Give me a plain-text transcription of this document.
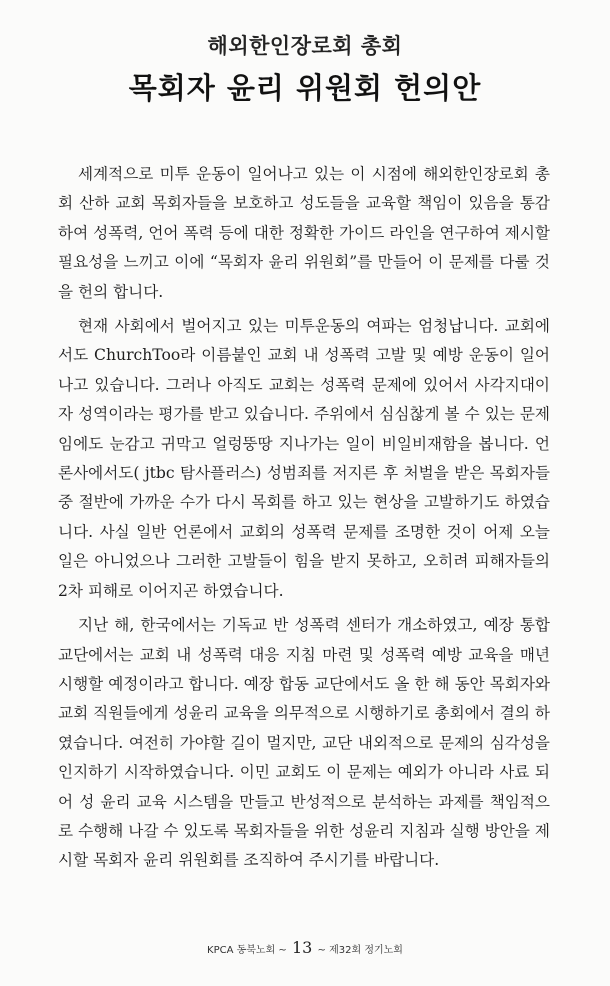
해외한인장로회 총회
목회자 윤리 위원회 헌의안

세계적으로 미투 운동이 일어나고 있는 이 시점에 해외한인장로회 총회 산하 교회 목회자들을 보호하고 성도들을 교육할 책임이 있음을 통감하여 성폭력, 언어 폭력 등에 대한 정확한 가이드 라인을 연구하여 제시할 필요성을 느끼고 이에 “목회자 윤리 위원회”를 만들어 이 문제를 다룰 것을 헌의 합니다.

현재 사회에서 벌어지고 있는 미투운동의 여파는 엄청납니다. 교회에서도 ChurchToo라 이름붙인 교회 내 성폭력 고발 및 예방 운동이 일어나고 있습니다. 그러나 아직도 교회는 성폭력 문제에 있어서 사각지대이자 성역이라는 평가를 받고 있습니다. 주위에서 심심찮게 볼 수 있는 문제임에도 눈감고 귀막고 얼렁뚱땅 지나가는 일이 비일비재함을 봅니다. 언론사에서도( jtbc 탐사플러스) 성범죄를 저지른 후 처벌을 받은 목회자들 중 절반에 가까운 수가 다시 목회를 하고 있는 현상을 고발하기도 하였습니다. 사실 일반 언론에서 교회의 성폭력 문제를 조명한 것이 어제 오늘 일은 아니었으나 그러한 고발들이 힘을 받지 못하고, 오히려 피해자들의 2차 피해로 이어지곤 하였습니다.

지난 해, 한국에서는 기독교 반 성폭력 센터가 개소하였고, 예장 통합 교단에서는 교회 내 성폭력 대응 지침 마련 및 성폭력 예방 교육을 매년 시행할 예정이라고 합니다. 예장 합동 교단에서도 올 한 해 동안 목회자와 교회 직원들에게 성윤리 교육을 의무적으로 시행하기로 총회에서 결의 하였습니다. 여전히 가야할 길이 멀지만, 교단 내외적으로 문제의 심각성을 인지하기 시작하였습니다. 이민 교회도 이 문제는 예외가 아니라 사료 되어 성 윤리 교육 시스템을 만들고 반성적으로 분석하는 과제를 책임적으로 수행해 나갈 수 있도록 목회자들을 위한 성윤리 지침과 실행 방안을 제시할 목회자 윤리 위원회를 조직하여 주시기를 바랍니다.

KPCA 동북노회 ~ 13 ~ 제32회 정기노회
